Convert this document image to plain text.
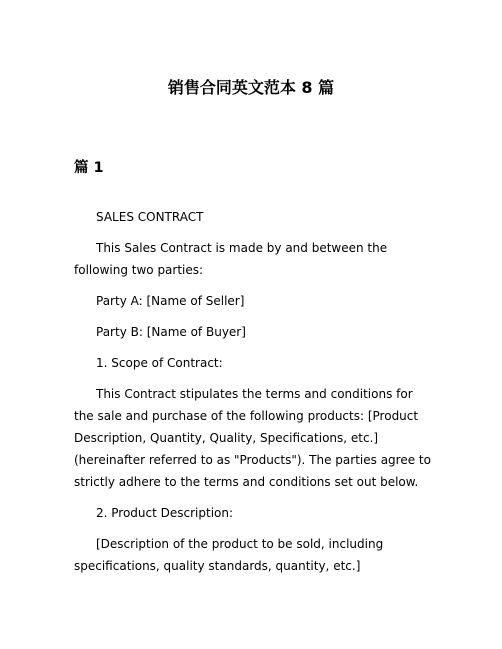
销售合同英文范本 8 篇
篇 1

SALES CONTRACT

This Sales Contract is made by and between the following two parties:

Party A: [Name of Seller]

Party B: [Name of Buyer]

1. Scope of Contract:

This Contract stipulates the terms and conditions for the sale and purchase of the following products: [Product Description, Quantity, Quality, Specifications, etc.] (hereinafter referred to as "Products"). The parties agree to strictly adhere to the terms and conditions set out below.

2. Product Description:

[Description of the product to be sold, including specifications, quality standards, quantity, etc.]
